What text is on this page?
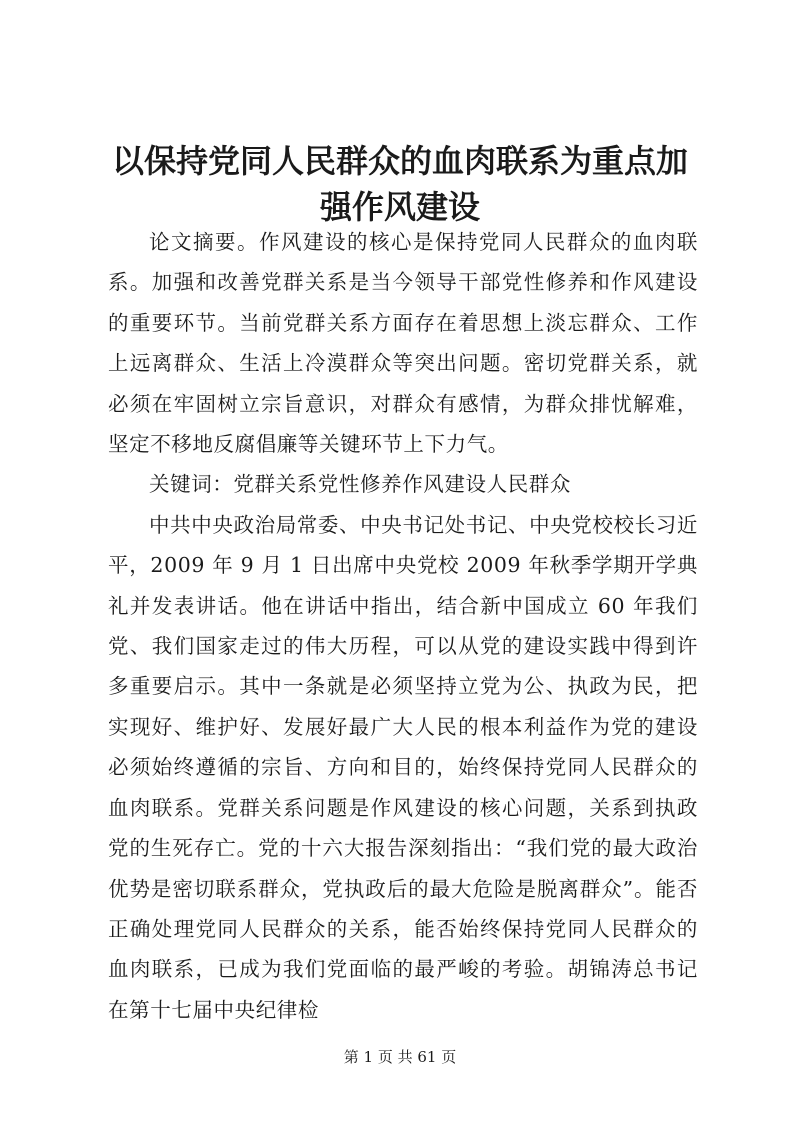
以保持党同人民群众的血肉联系为重点加强作风建设

论文摘要。作风建设的核心是保持党同人民群众的血肉联系。加强和改善党群关系是当今领导干部党性修养和作风建设的重要环节。当前党群关系方面存在着思想上淡忘群众、工作上远离群众、生活上冷漠群众等突出问题。密切党群关系，就必须在牢固树立宗旨意识，对群众有感情，为群众排忧解难，坚定不移地反腐倡廉等关键环节上下力气。

关键词：党群关系党性修养作风建设人民群众

中共中央政治局常委、中央书记处书记、中央党校校长习近平，2009 年 9 月 1 日出席中央党校 2009 年秋季学期开学典礼并发表讲话。他在讲话中指出，结合新中国成立 60 年我们党、我们国家走过的伟大历程，可以从党的建设实践中得到许多重要启示。其中一条就是必须坚持立党为公、执政为民，把实现好、维护好、发展好最广大人民的根本利益作为党的建设必须始终遵循的宗旨、方向和目的，始终保持党同人民群众的血肉联系。党群关系问题是作风建设的核心问题，关系到执政党的生死存亡。党的十六大报告深刻指出：“我们党的最大政治优势是密切联系群众，党执政后的最大危险是脱离群众”。能否正确处理党同人民群众的关系，能否始终保持党同人民群众的血肉联系，已成为我们党面临的最严峻的考验。胡锦涛总书记在第十七届中央纪律检

第 1 页 共 61 页
